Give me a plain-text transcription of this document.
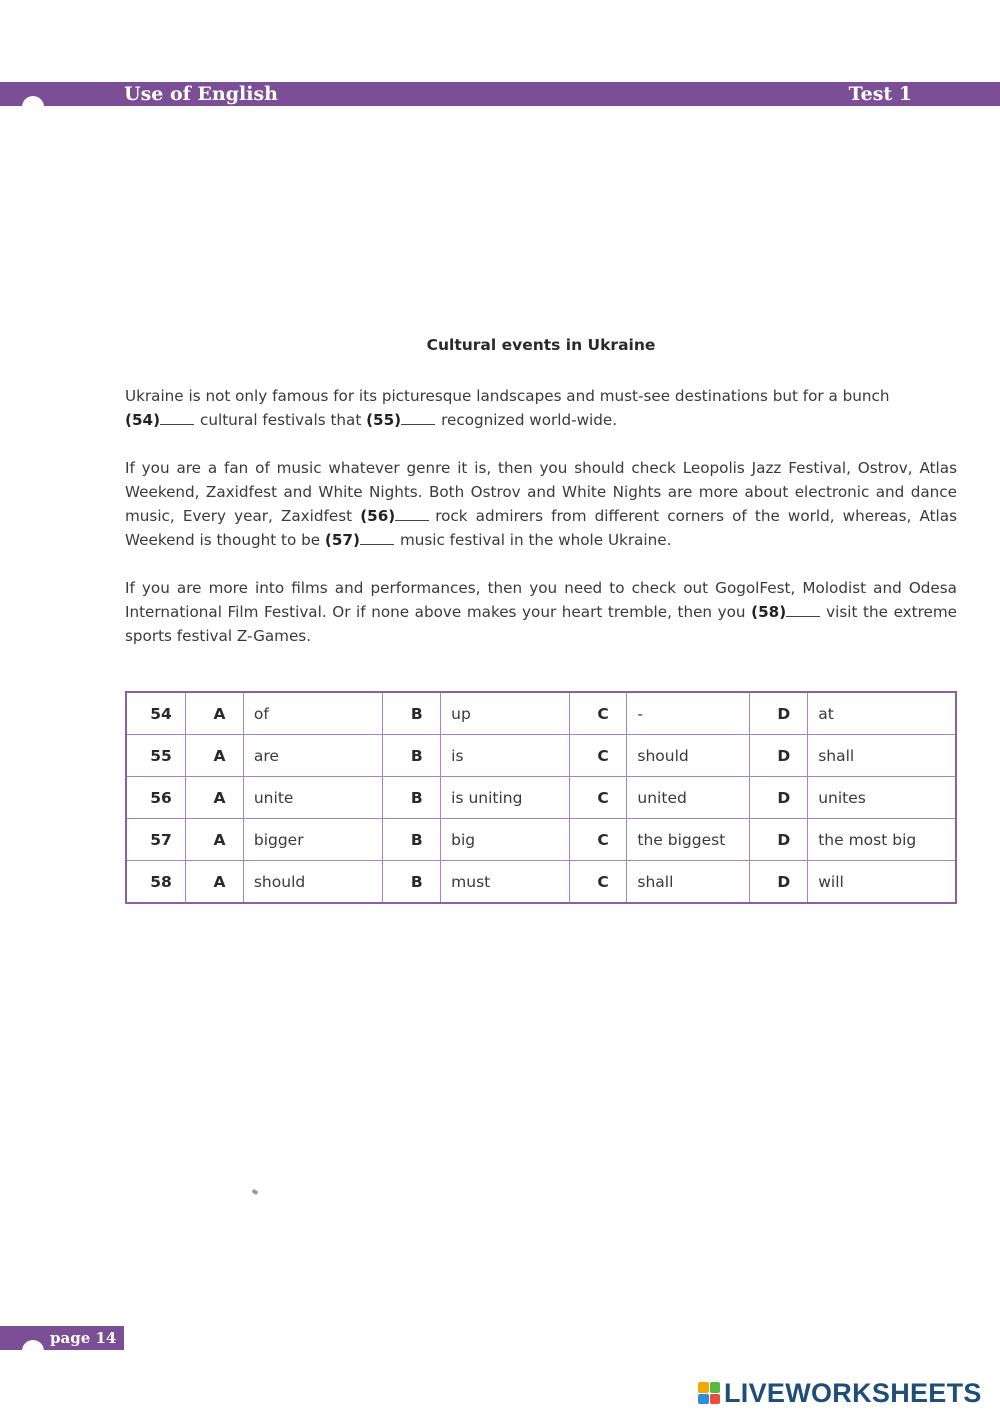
Use of English	Test 1
Cultural events in Ukraine

Ukraine is not only famous for its picturesque landscapes and must-see destinations but for a bunch
(54)	cultural festivals that (55)	recognized world-wide.

If you are a fan of music whatever genre it is, then you should check Leopolis Jazz Festival, Ostrov, Atlas Weekend, Zaxidfest and White Nights. Both Ostrov and White Nights are more about electronic and dance music, Every year, Zaxidfest (56)	rock admirers from different corners of the world, whereas, Atlas Weekend is thought to be (57)	music festival in the whole Ukraine.

If you are more into films and performances, then you need to check out GogolFest, Molodist and Odesa International Film Festival. Or if none above makes your heart tremble, then you (58)	visit the extreme sports festival Z-Games.

54	A	of	B	up	C	-	D	at
55	A	are	B	is	C	should	D	shall
56	A	unite	B	is uniting	C	united	D	unites
57	A	bigger	B	big	C	the biggest	D	the most big
58	A	should	B	must	C	shall	D	will
page 14
LIVEWORKSHEETS
